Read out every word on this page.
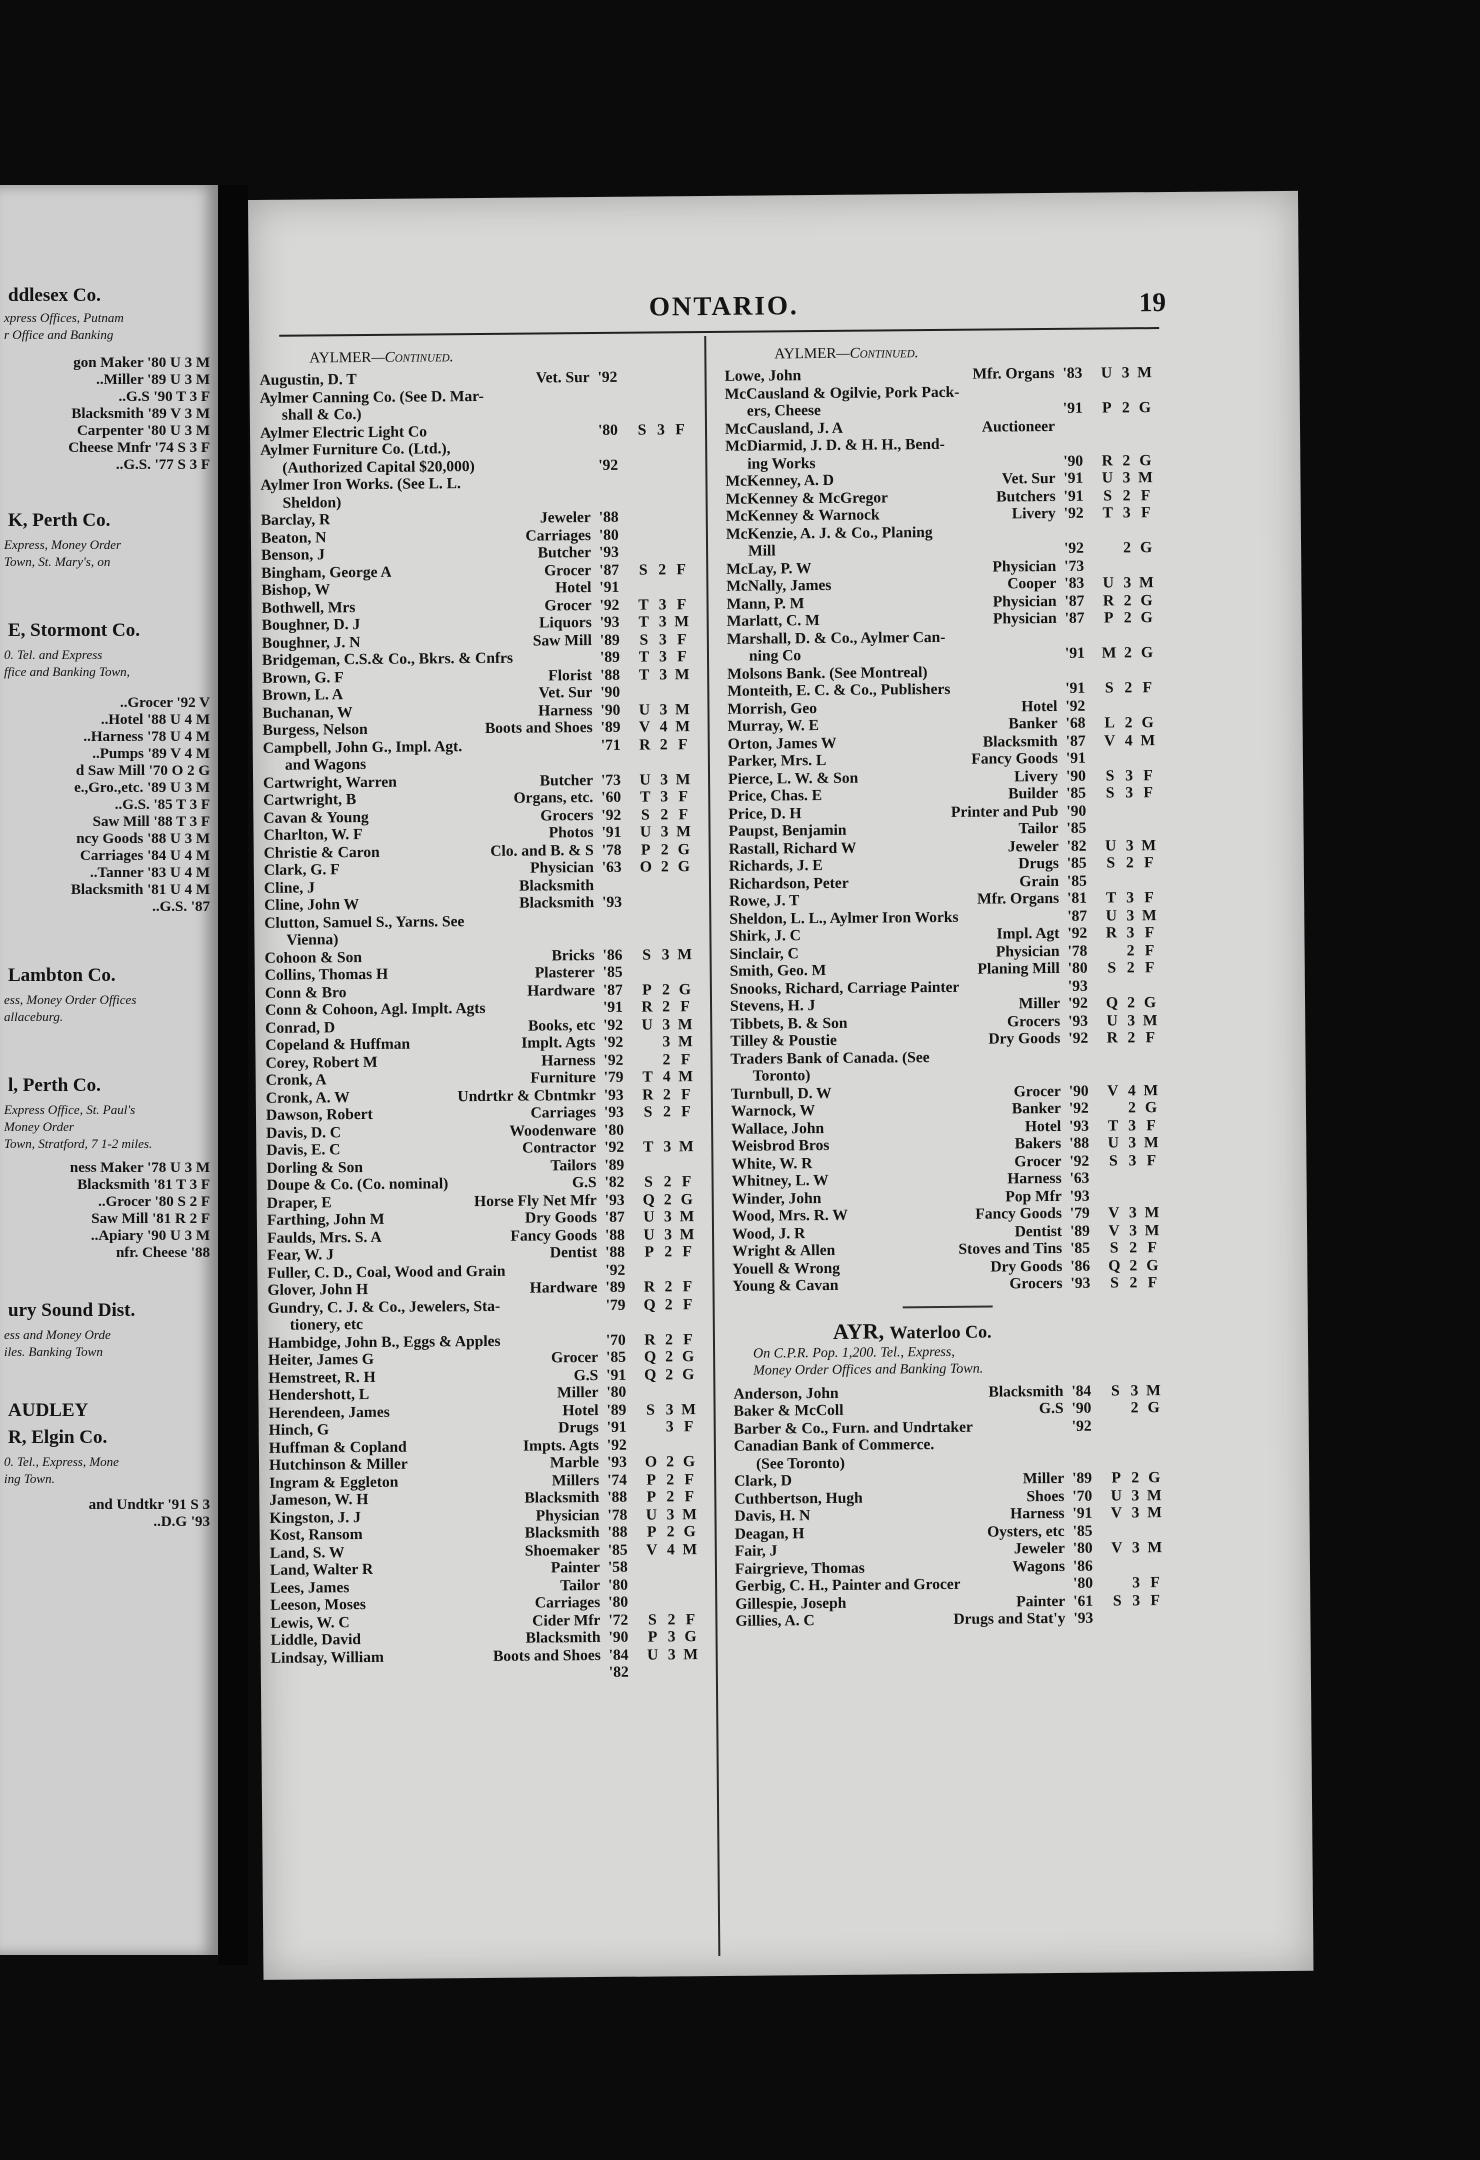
ddlesex Co.
xpress Offices, Putnam
r Office and Banking
gon Maker '80 U 3 M
..Miller '89 U 3 M
..G.S '90 T 3 F
Blacksmith '89 V 3 M
Carpenter '80 U 3 M
Cheese Mnfr '74 S 3 F
..G.S. '77 S 3 F
K, Perth Co.
Express, Money Order
Town, St. Mary's, on
E, Stormont Co.
0. Tel. and Express
ffice and Banking Town,
..Grocer '92 V
..Hotel '88 U 4 M
..Harness '78 U 4 M
..Pumps '89 V 4 M
d Saw Mill '70 O 2 G
e.,Gro.,etc. '89 U 3 M
..G.S. '85 T 3 F
Saw Mill '88 T 3 F
ncy Goods '88 U 3 M
Carriages '84 U 4 M
..Tanner '83 U 4 M
Blacksmith '81 U 4 M
..G.S. '87
Lambton Co.
ess, Money Order Offices
allaceburg.
l, Perth Co.
Express Office, St. Paul's
Money Order
Town, Stratford, 7 1-2 miles.
ness Maker '78 U 3 M
Blacksmith '81 T 3 F
..Grocer '80 S 2 F
Saw Mill '81 R 2 F
..Apiary '90 U 3 M
nfr. Cheese '88
ury Sound Dist.
ess and Money Orde
iles. Banking Town
AUDLEY
R, Elgin Co.
0. Tel., Express, Mone
ing Town.
and Undtkr '91 S 3
..D.G '93
ONTARIO.	19
AYLMER—Continued.
Augustin, D. T	Vet. Sur '92
Aylmer Canning Co. (See D. Mar-
shall & Co.)
Aylmer Electric Light Co	'80	S 3 F
Aylmer Furniture Co. (Ltd.),
(Authorized Capital $20,000)	'92
Aylmer Iron Works. (See L. L.
Sheldon)
Barclay, R	Jeweler '88
Beaton, N	Carriages '80
Benson, J	Butcher '93
Bingham, George A	Grocer '87	S 2 F
Bishop, W	Hotel '91
Bothwell, Mrs	Grocer '92	T 3 F
Boughner, D. J	Liquors '93	T 3 M
Boughner, J. N	Saw Mill '89	S 3 F
Bridgeman, C.S.& Co., Bkrs. & Cnfrs	'89	T 3 F
Brown, G. F	Florist '88	T 3 M
Brown, L. A	Vet. Sur '90
Buchanan, W	Harness '90	U 3 M
Burgess, Nelson	Boots and Shoes '89	V 4 M
Campbell, John G., Impl. Agt.	'71	R 2 F
and Wagons
Cartwright, Warren	Butcher '73	U 3 M
Cartwright, B	Organs, etc. '60	T 3 F
Cavan & Young	Grocers '92	S 2 F
Charlton, W. F	Photos '91	U 3 M
Christie & Caron	Clo. and B. & S '78	P 2 G
Clark, G. F	Physician '63	O 2 G
Cline, J	Blacksmith
Cline, John W	Blacksmith '93
Clutton, Samuel S., Yarns. See
Vienna)
Cohoon & Son	Bricks '86	S 3 M
Collins, Thomas H	Plasterer '85
Conn & Bro	Hardware '87	P 2 G
Conn & Cohoon, Agl. Implt. Agts	'91	R 2 F
Conrad, D	Books, etc '92	U 3 M
Copeland & Huffman	Implt. Agts '92	3 M
Corey, Robert M	Harness '92	2 F
Cronk, A	Furniture '79	T 4 M
Cronk, A. W	Undrtkr & Cbntmkr '93	R 2 F
Dawson, Robert	Carriages '93	S 2 F
Davis, D. C	Woodenware '80
Davis, E. C	Contractor '92	T 3 M
Dorling & Son	Tailors '89
Doupe & Co. (Co. nominal)	G.S '82	S 2 F
Draper, E	Horse Fly Net Mfr '93	Q 2 G
Farthing, John M	Dry Goods '87	U 3 M
Faulds, Mrs. S. A	Fancy Goods '88	U 3 M
Fear, W. J	Dentist '88	P 2 F
Fuller, C. D., Coal, Wood and Grain	'92
Glover, John H	Hardware '89	R 2 F
Gundry, C. J. & Co., Jewelers, Sta-	'79	Q 2 F
tionery, etc
Hambidge, John B., Eggs & Apples	'70	R 2 F
Heiter, James G	Grocer '85	Q 2 G
Hemstreet, R. H	G.S '91	Q 2 G
Hendershott, L	Miller '80
Herendeen, James	Hotel '89	S 3 M
Hinch, G	Drugs '91	3 F
Huffman & Copland	Impts. Agts '92
Hutchinson & Miller	Marble '93	O 2 G
Ingram & Eggleton	Millers '74	P 2 F
Jameson, W. H	Blacksmith '88	P 2 F
Kingston, J. J	Physician '78	U 3 M
Kost, Ransom	Blacksmith '88	P 2 G
Land, S. W	Shoemaker '85	V 4 M
Land, Walter R	Painter '58
Lees, James	Tailor '80
Leeson, Moses	Carriages '80
Lewis, W. C	Cider Mfr '72	S 2 F
Liddle, David	Blacksmith '90	P 3 G
Lindsay, William	Boots and Shoes '84	U 3 M
'82
AYLMER—Continued.
Lowe, John	Mfr. Organs '83	U 3 M
McCausland & Ogilvie, Pork Pack-
ers, Cheese	'91	P 2 G
McCausland, J. A	Auctioneer
McDiarmid, J. D. & H. H., Bend-
ing Works	'90	R 2 G
McKenney, A. D	Vet. Sur '91	U 3 M
McKenney & McGregor	Butchers '91	S 2 F
McKenney & Warnock	Livery '92	T 3 F
McKenzie, A. J. & Co., Planing
Mill	'92	2 G
McLay, P. W	Physician '73
McNally, James	Cooper '83	U 3 M
Mann, P. M	Physician '87	R 2 G
Marlatt, C. M	Physician '87	P 2 G
Marshall, D. & Co., Aylmer Can-
ning Co	'91	M 2 G
Molsons Bank. (See Montreal)
Monteith, E. C. & Co., Publishers	'91	S 2 F
Morrish, Geo	Hotel '92
Murray, W. E	Banker '68	L 2 G
Orton, James W	Blacksmith '87	V 4 M
Parker, Mrs. L	Fancy Goods '91
Pierce, L. W. & Son	Livery '90	S 3 F
Price, Chas. E	Builder '85	S 3 F
Price, D. H	Printer and Pub '90
Paupst, Benjamin	Tailor '85
Rastall, Richard W	Jeweler '82	U 3 M
Richards, J. E	Drugs '85	S 2 F
Richardson, Peter	Grain '85
Rowe, J. T	Mfr. Organs '81	T 3 F
Sheldon, L. L., Aylmer Iron Works	'87	U 3 M
Shirk, J. C	Impl. Agt '92	R 3 F
Sinclair, C	Physician '78	2 F
Smith, Geo. M	Planing Mill '80	S 2 F
Snooks, Richard, Carriage Painter	'93
Stevens, H. J	Miller '92	Q 2 G
Tibbets, B. & Son	Grocers '93	U 3 M
Tilley & Poustie	Dry Goods '92	R 2 F
Traders Bank of Canada. (See
Toronto)
Turnbull, D. W	Grocer '90	V 4 M
Warnock, W	Banker '92	2 G
Wallace, John	Hotel '93	T 3 F
Weisbrod Bros	Bakers '88	U 3 M
White, W. R	Grocer '92	S 3 F
Whitney, L. W	Harness '63
Winder, John	Pop Mfr '93
Wood, Mrs. R. W	Fancy Goods '79	V 3 M
Wood, J. R	Dentist '89	V 3 M
Wright & Allen	Stoves and Tins '85	S 2 F
Youell & Wrong	Dry Goods '86	Q 2 G
Young & Cavan	Grocers '93	S 2 F
AYR, Waterloo Co.
On C.P.R. Pop. 1,200. Tel., Express,
Money Order Offices and Banking Town.
Anderson, John	Blacksmith '84	S 3 M
Baker & McColl	G.S '90	2 G
Barber & Co., Furn. and Undrtaker	'92
Canadian Bank of Commerce.
(See Toronto)
Clark, D	Miller '89	P 2 G
Cuthbertson, Hugh	Shoes '70	U 3 M
Davis, H. N	Harness '91	V 3 M
Deagan, H	Oysters, etc '85
Fair, J	Jeweler '80	V 3 M
Fairgrieve, Thomas	Wagons '86
Gerbig, C. H., Painter and Grocer	'80	3 F
Gillespie, Joseph	Painter '61	S 3 F
Gillies, A. C	Drugs and Stat'y '93
